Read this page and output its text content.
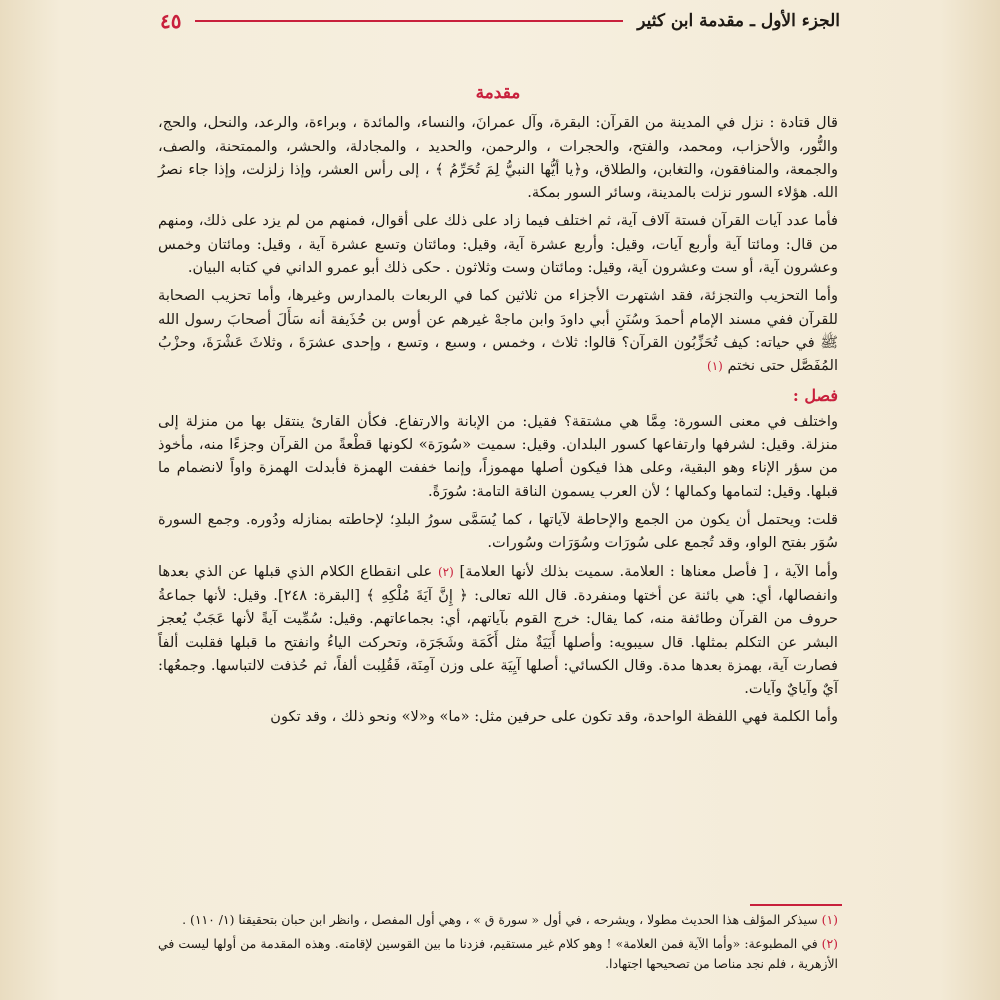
الجزء الأول ـ مقدمة ابن كثير
٤٥
مقدمة

قال قتادة : نزل في المدينة من القرآن: البقرة، وآل عمرانَ، والنساء، والمائدة ، وبراءة، والرعد، والنحل، والحج، والنُّور، والأحزاب، ومحمد، والفتح، والحجرات ، والرحمن، والحديد ، والمجادلة، والحشر، والممتحنة، والصف، والجمعة، والمنافقون، والتغابن، والطلاق، و﴿يا أيُّها النبيُّ لِمَ تُحَرِّمُ ﴾ ، إلى رأس العشر، وإذا زلزلت، وإذا جاء نصرُ الله. هؤلاء السور نزلت بالمدينة، وسائر السور بمكة.

فأما عدد آيات القرآن فستة آلاف آية، ثم اختلف فيما زاد على ذلك على أقوال، فمنهم من لم يزد على ذلك، ومنهم من قال: ومائتا آية وأربع آيات، وقيل: وأربع عشرة آية، وقيل: ومائتان وتسع عشرة آية ، وقيل: ومائتان وخمس وعشرون آية، أو ست وعشرون آية، وقيل: ومائتان وست وثلاثون . حكى ذلك أبو عمرو الداني في كتابه البيان.

وأما التحزيب والتجزئة، فقد اشتهرت الأجزاء من ثلاثين كما في الربعات بالمدارس وغيرها، وأما تحزيب الصحابة للقرآن ففي مسند الإمام أحمدَ وسُنَنِ أبي داودَ وابن ماجهْ غيرهم عن أوس بن حُذَيفة أنه سَأَلَ أصحابَ رسول الله ﷺ في حياته: كيف تُحَزِّبُون القرآن؟ قالوا: ثلاث ، وخمس ، وسبع ، وتسع ، وإحدى عشرَةَ ، وثلاثَ عَشْرَةَ، وحزْبُ المُفَصَّل حتى نختم (١)

فصل :

واختلف في معنى السورة: مِمَّا هي مشتقة؟ فقيل: من الإبانة والارتفاع. فكأن القارئ ينتقل بها من منزلة إلى منزلة. وقيل: لشرفها وارتفاعها كسور البلدان. وقيل: سميت «سُورَة» لكونها قطْعةً من القرآن وجزءًا منه، مأخوذ من سؤر الإناء وهو البقية، وعلى هذا فيكون أصلها مهموزاً، وإنما خففت الهمزة فأبدلت الهمزة واواً لانضمام ما قبلها. وقيل: لتمامها وكمالها ؛ لأن العرب يسمون الناقة التامة: سُورَةً.

قلت: ويحتمل أن يكون من الجمع والإحاطة لآياتها ، كما يُسَمَّى سورُ البلدِ؛ لإحاطته بمنازله ودُوره. وجمع السورة سُوَر بفتح الواو، وقد تُجمع على سُورَات وسُوَرَات وسُورات.

وأما الآية ، [ فأصل معناها : العلامة. سميت بذلك لأنها العلامة] (٢) على انقطاع الكلام الذي قبلها عن الذي بعدها وانفصالها، أي: هي بائنة عن أختها ومنفردة. قال الله تعالى: ﴿ إِنَّ آيَةَ مُلْكِهِ ﴾ [البقرة: ٢٤٨]. وقيل: لأنها جماعةُ حروف من القرآن وطائفة منه، كما يقال: خرج القوم بآياتهم، أي: بجماعاتهم. وقيل: سُمِّيت آيةً لأنها عَجَبٌ يُعجز البشر عن التكلم بمثلها. قال سيبويه: وأصلها أَيَيَةٌ مثل أَكَمَة وشَجَرَة، وتحركت الياءُ وانفتح ما قبلها فقلبت ألفاً فصارت آية، بهمزة بعدها مدة. وقال الكسائي: أصلها آيِيَة على وزن آمِنَة، فَقُلِبت ألفاً، ثم حُذفت لالتباسها. وجمعُها: آيٌ وآيايٌ وآيات.

وأما الكلمة فهي اللفظة الواحدة، وقد تكون على حرفين مثل: «ما» و«لا» ونحو ذلك ، وقد تكون

(١)سيذكر المؤلف هذا الحديث مطولا ، ويشرحه ، في أول « سورة ق » ، وهي أول المفصل ، وانظر ابن حبان بتحقيقنا (١/ ١١٠) .

(٢)في المطبوعة: «وأما الآية فمن العلامة» ! وهو كلام غير مستقيم، فزدنا ما بين القوسين لإقامته. وهذه المقدمة من أولها ليست في الأزهرية ، فلم نجد مناصا من تصحيحها اجتهادا.
